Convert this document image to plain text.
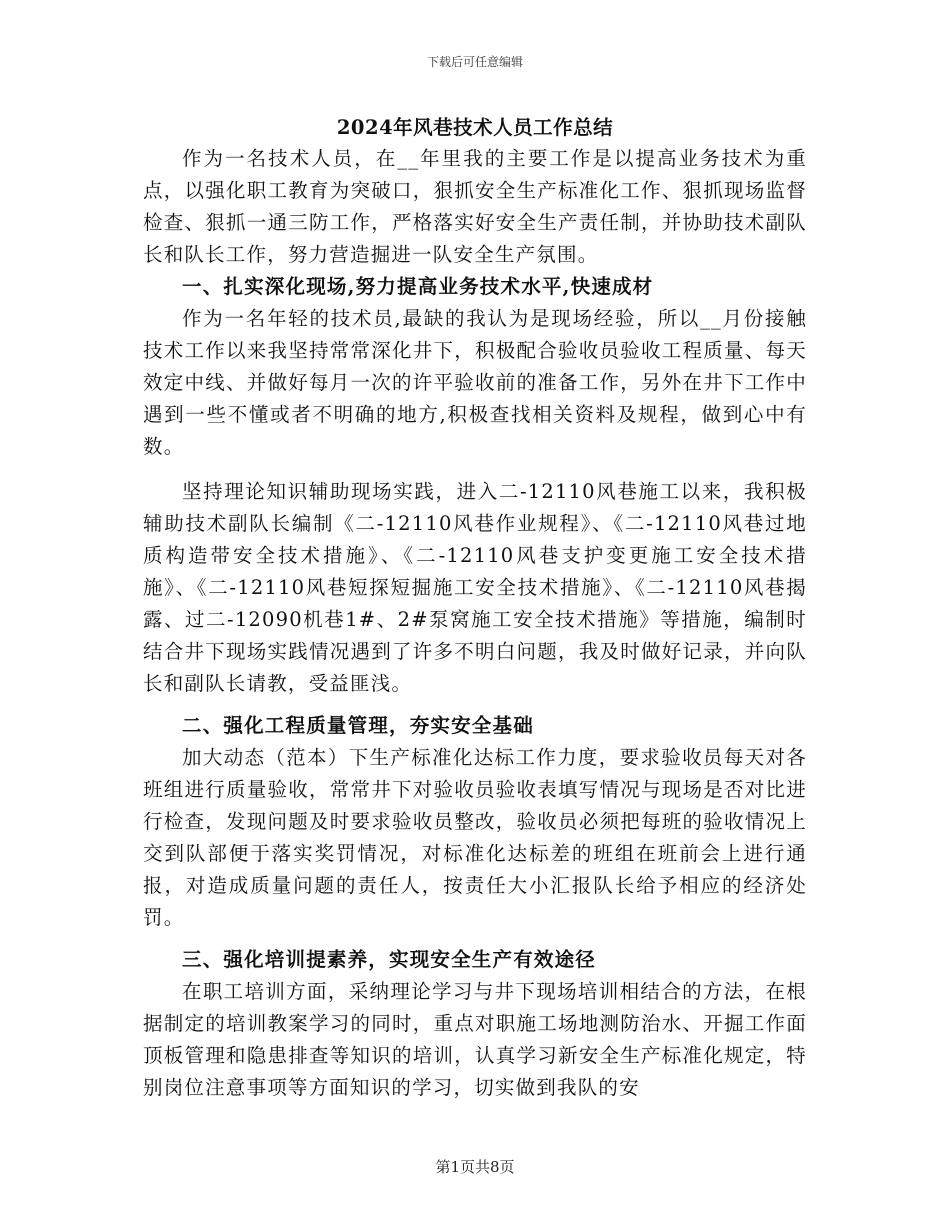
下载后可任意编辑
2024年风巷技术人员工作总结

作为一名技术人员，在__年里我的主要工作是以提高业务技术为重点，以强化职工教育为突破口，狠抓安全生产标准化工作、狠抓现场监督检查、狠抓一通三防工作，严格落实好安全生产责任制，并协助技术副队长和队长工作，努力营造掘进一队安全生产氛围。

一、扎实深化现场,努力提高业务技术水平,快速成材

作为一名年轻的技术员,最缺的我认为是现场经验，所以__月份接触技术工作以来我坚持常常深化井下，积极配合验收员验收工程质量、每天效定中线、并做好每月一次的许平验收前的准备工作，另外在井下工作中遇到一些不懂或者不明确的地方,积极查找相关资料及规程，做到心中有数。

坚持理论知识辅助现场实践，进入二-12110风巷施工以来，我积极辅助技术副队长编制《二-12110风巷作业规程》、《二-12110风巷过地质构造带安全技术措施》、《二-12110风巷支护变更施工安全技术措施》、《二-12110风巷短探短掘施工安全技术措施》、《二-12110风巷揭露、过二-12090机巷1#、2#泵窝施工安全技术措施》等措施，编制时结合井下现场实践情况遇到了许多不明白问题，我及时做好记录，并向队长和副队长请教，受益匪浅。

二、强化工程质量管理，夯实安全基础

加大动态（范本）下生产标准化达标工作力度，要求验收员每天对各班组进行质量验收，常常井下对验收员验收表填写情况与现场是否对比进行检查，发现问题及时要求验收员整改，验收员必须把每班的验收情况上交到队部便于落实奖罚情况，对标准化达标差的班组在班前会上进行通报，对造成质量问题的责任人，按责任大小汇报队长给予相应的经济处罚。

三、强化培训提素养，实现安全生产有效途径

在职工培训方面，采纳理论学习与井下现场培训相结合的方法，在根据制定的培训教案学习的同时，重点对职施工场地测防治水、开掘工作面顶板管理和隐患排查等知识的培训，认真学习新安全生产标准化规定，特别岗位注意事项等方面知识的学习，切实做到我队的安

第1页共8页
